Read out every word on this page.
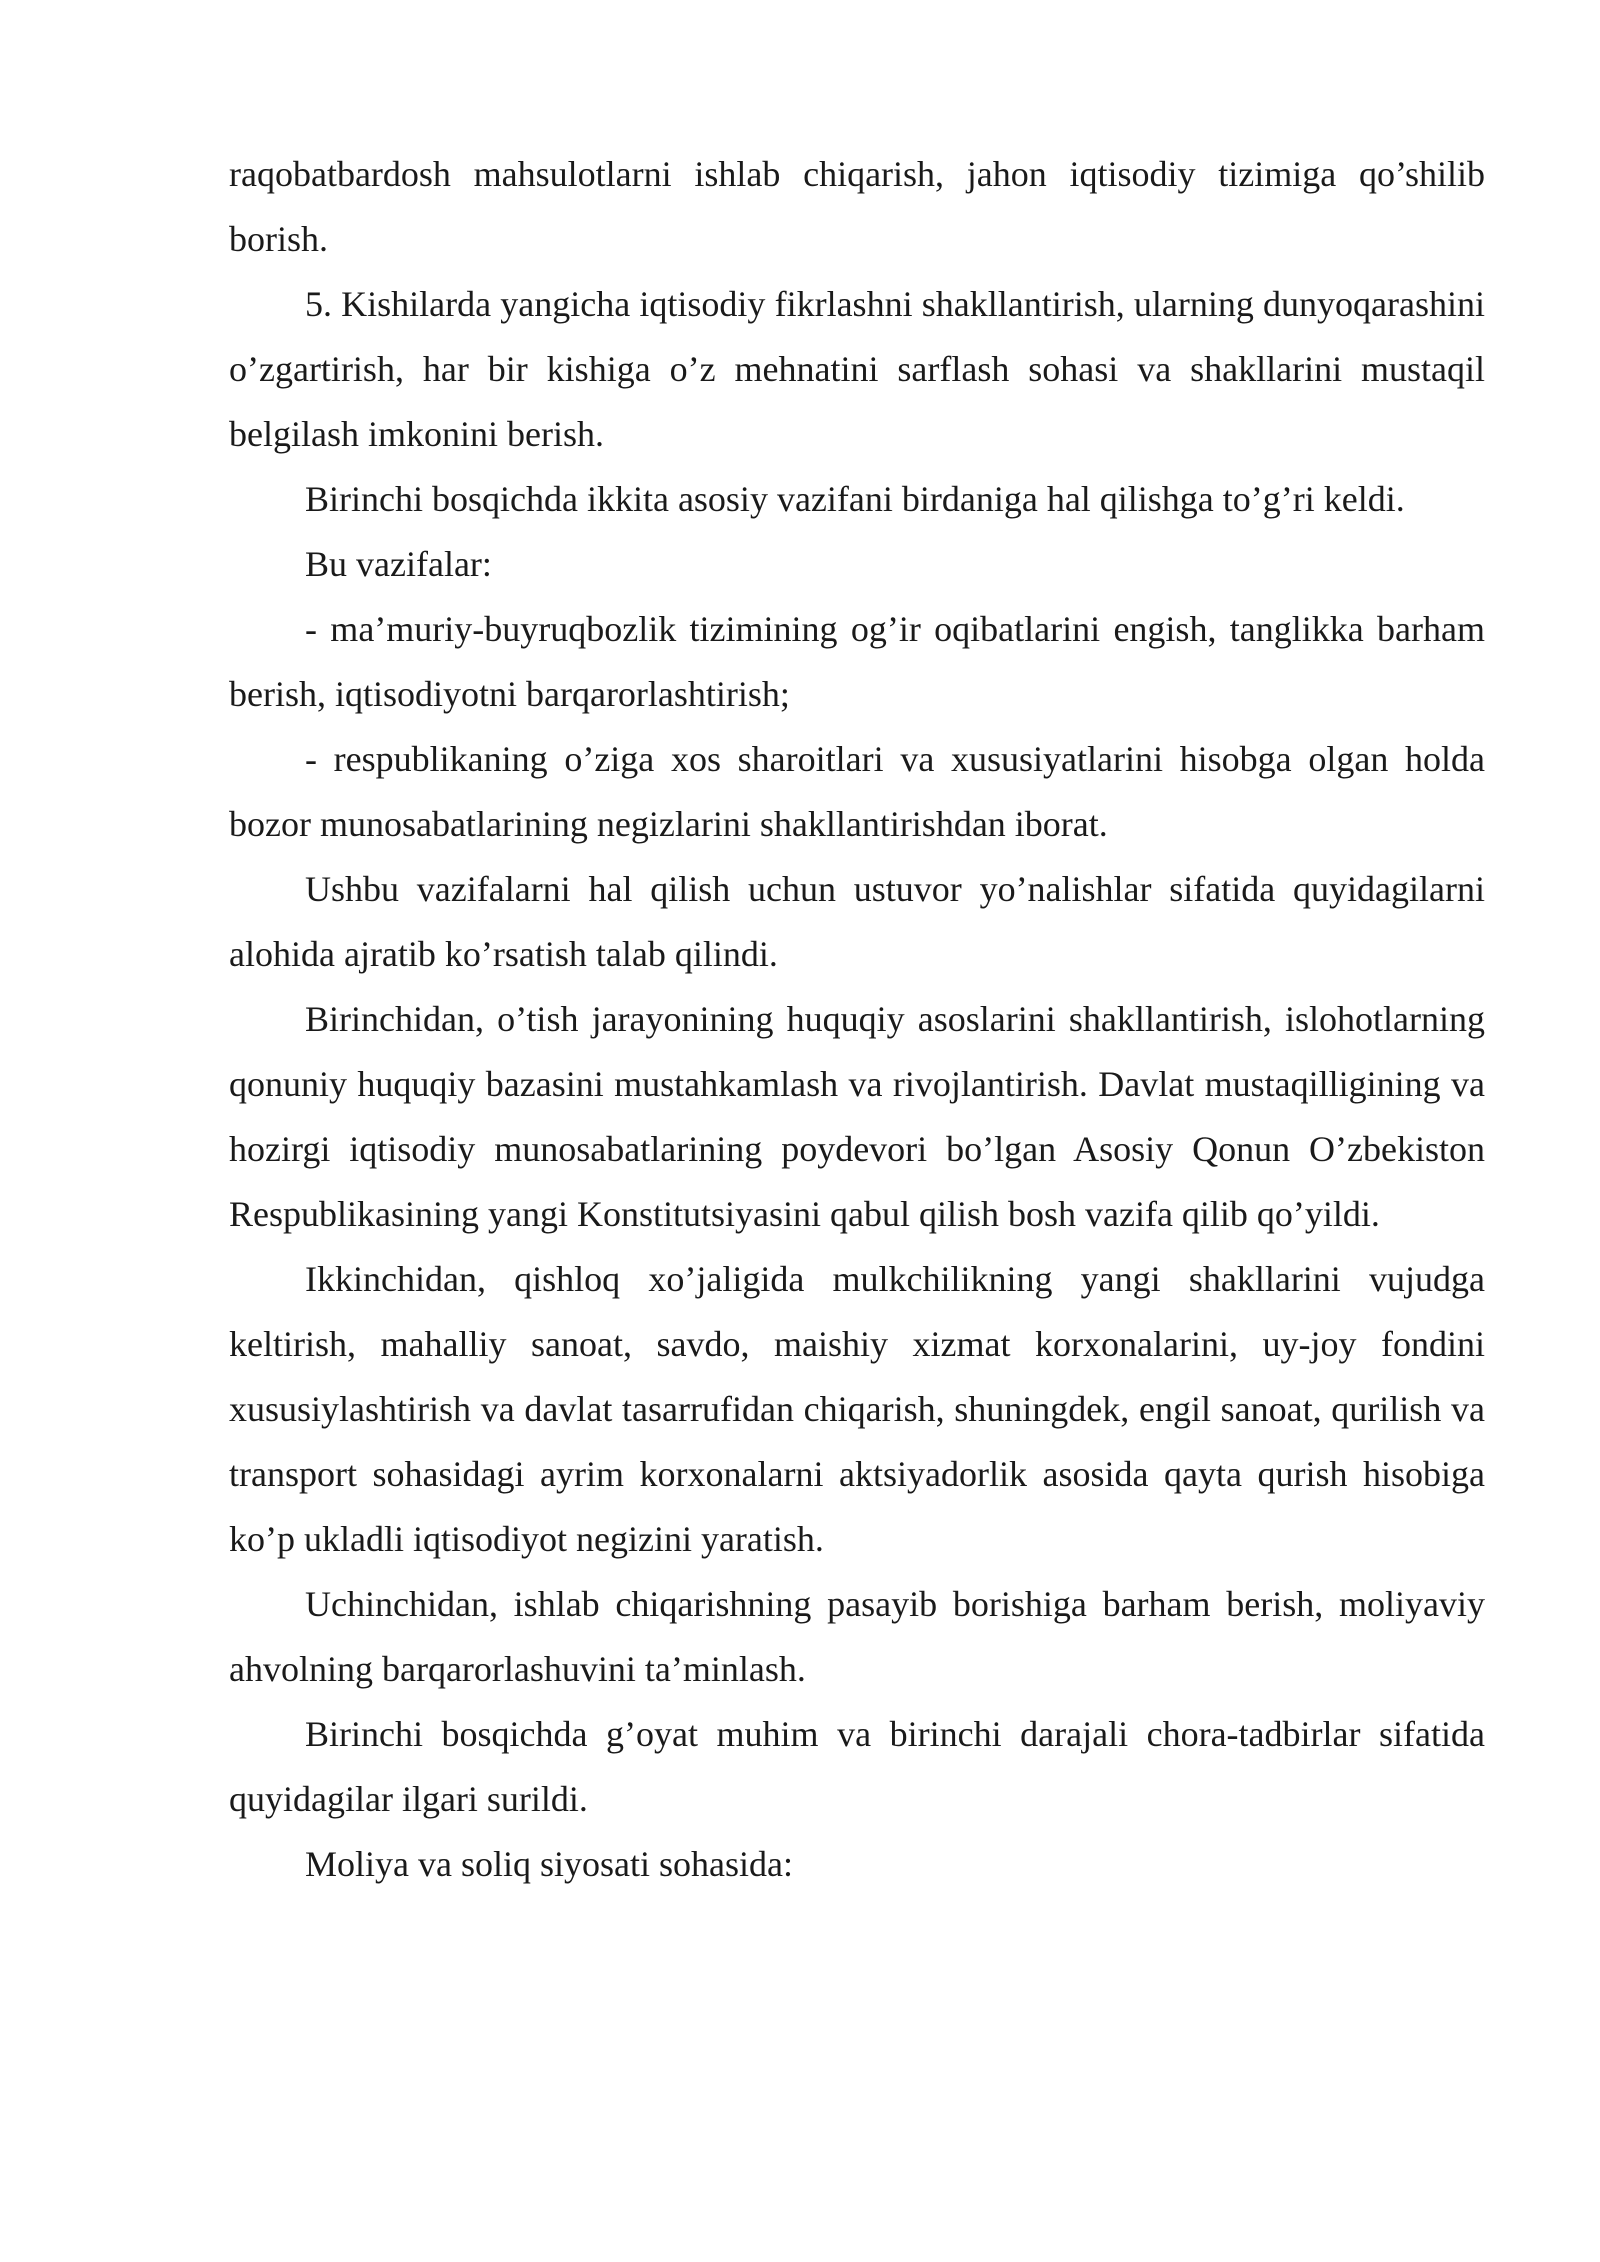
raqobatbardosh mahsulotlarni ishlab chiqarish, jahon iqtisodiy tizimiga qo’shilib borish.

5. Kishilarda yangicha iqtisodiy fikrlashni shakllantirish, ularning dunyoqarashini o’zgartirish, har bir kishiga o’z mehnatini sarflash sohasi va shakllarini mustaqil belgilash imkonini berish.

Birinchi bosqichda ikkita asosiy vazifani birdaniga hal qilishga to’g’ri keldi.

Bu vazifalar:

- ma’muriy-buyruqbozlik tizimining og’ir oqibatlarini engish, tanglikka barham berish, iqtisodiyotni barqarorlashtirish;

- respublikaning o’ziga xos sharoitlari va xususiyatlarini hisobga olgan holda bozor munosabatlarining negizlarini shakllantirishdan iborat.

Ushbu vazifalarni hal qilish uchun ustuvor yo’nalishlar sifatida quyidagilarni alohida ajratib ko’rsatish talab qilindi.

Birinchidan, o’tish jarayonining huquqiy asoslarini shakllantirish, islohotlarning qonuniy huquqiy bazasini mustahkamlash va rivojlantirish. Davlat mustaqilligining va hozirgi iqtisodiy munosabatlarining poydevori bo’lgan Asosiy Qonun O’zbekiston Respublikasining yangi Konstitutsiyasini qabul qilish bosh vazifa qilib qo’yildi.

Ikkinchidan, qishloq xo’jaligida mulkchilikning yangi shakllarini vujudga keltirish, mahalliy sanoat, savdo, maishiy xizmat korxonalarini, uy-joy fondini xususiylashtirish va davlat tasarrufidan chiqarish, shuningdek, engil sanoat, qurilish va transport sohasidagi ayrim korxonalarni aktsiyadorlik asosida qayta qurish hisobiga ko’p ukladli iqtisodiyot negizini yaratish.

Uchinchidan, ishlab chiqarishning pasayib borishiga barham berish, moliyaviy ahvolning barqarorlashuvini ta’minlash.

Birinchi bosqichda g’oyat muhim va birinchi darajali chora-tadbirlar sifatida quyidagilar ilgari surildi.

Moliya va soliq siyosati sohasida:
